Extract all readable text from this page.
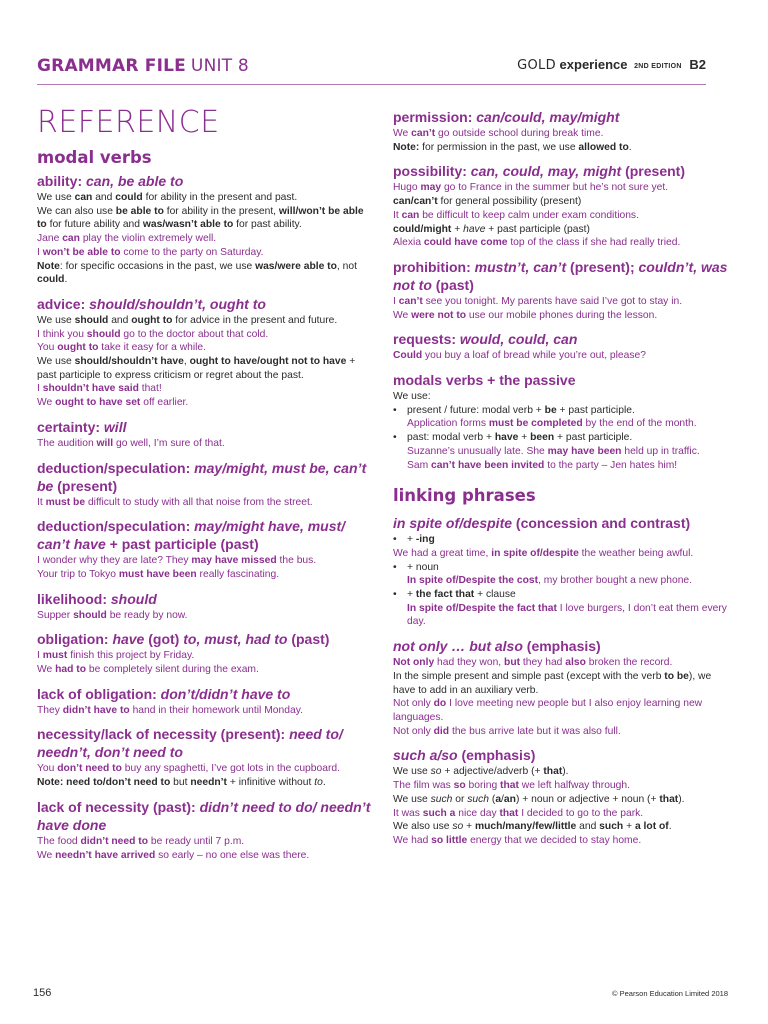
GRAMMAR FILE UNIT 8	GOLD experience 2ND EDITION B2
REFERENCE
modal verbs
ability: can, be able to
We use can and could for ability in the present and past.
We can also use be able to for ability in the present, will/won’t be able to for future ability and was/wasn’t able to for past ability.
Jane can play the violin extremely well.
I won’t be able to come to the party on Saturday.
Note: for specific occasions in the past, we use was/were able to, not could.
advice: should/shouldn’t, ought to
We use should and ought to for advice in the present and future.
I think you should go to the doctor about that cold.
You ought to take it easy for a while.
We use should/shouldn’t have, ought to have/ought not to have + past participle to express criticism or regret about the past.
I shouldn’t have said that!
We ought to have set off earlier.
certainty: will
The audition will go well, I’m sure of that.
deduction/speculation: may/might, must be, can’t be (present)
It must be difficult to study with all that noise from the street.
deduction/speculation: may/might have, must/ can’t have + past participle (past)
I wonder why they are late? They may have missed the bus.
Your trip to Tokyo must have been really fascinating.
likelihood: should
Supper should be ready by now.
obligation: have (got) to, must, had to (past)
I must finish this project by Friday.
We had to be completely silent during the exam.
lack of obligation: don’t/didn’t have to
They didn’t have to hand in their homework until Monday.
necessity/lack of necessity (present): need to/ needn’t, don’t need to
You don’t need to buy any spaghetti, I’ve got lots in the cupboard.
Note: need to/don’t need to but needn’t + infinitive without to.
lack of necessity (past): didn’t need to do/ needn’t have done
The food didn’t need to be ready until 7 p.m.
We needn’t have arrived so early – no one else was there.
permission: can/could, may/might
We can’t go outside school during break time.
Note: for permission in the past, we use allowed to.
possibility: can, could, may, might (present)
Hugo may go to France in the summer but he’s not sure yet.
can/can’t for general possibility (present)
It can be difficult to keep calm under exam conditions.
could/might + have + past participle (past)
Alexia could have come top of the class if she had really tried.
prohibition: mustn’t, can’t (present); couldn’t, was not to (past)
I can’t see you tonight. My parents have said I’ve got to stay in.
We were not to use our mobile phones during the lesson.
requests: would, could, can
Could you buy a loaf of bread while you’re out, please?
modals verbs + the passive
We use:
• present / future: modal verb + be + past participle.
Application forms must be completed by the end of the month.
• past: modal verb + have + been + past participle.
Suzanne’s unusually late. She may have been held up in traffic.
Sam can’t have been invited to the party – Jen hates him!
linking phrases
in spite of/despite (concession and contrast)
• + -ing
We had a great time, in spite of/despite the weather being awful.
• + noun
In spite of/Despite the cost, my brother bought a new phone.
• + the fact that + clause
In spite of/Despite the fact that I love burgers, I don’t eat them every day.
not only … but also (emphasis)
Not only had they won, but they had also broken the record.
In the simple present and simple past (except with the verb to be), we have to add in an auxiliary verb.
Not only do I love meeting new people but I also enjoy learning new languages.
Not only did the bus arrive late but it was also full.
such a/so (emphasis)
We use so + adjective/adverb (+ that).
The film was so boring that we left halfway through.
We use such or such (a/an) + noun or adjective + noun (+ that).
It was such a nice day that I decided to go to the park.
We also use so + much/many/few/little and such + a lot of.
We had so little energy that we decided to stay home.
156	© Pearson Education Limited 2018
